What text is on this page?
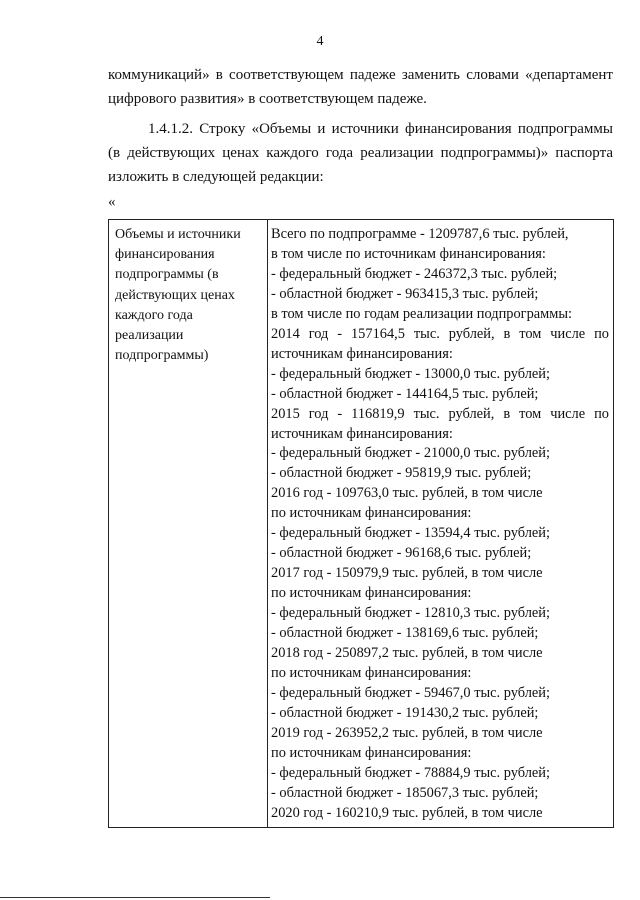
4
коммуникаций» в соответствующем падеже заменить словами «департамент
цифрового развития» в соответствующем падеже.
1.4.1.2. Строку «Объемы и источники финансирования подпрограммы
(в действующих ценах каждого года реализации подпрограммы)» паспорта
изложить в следующей редакции:
«
Объемы и источники
финансирования
подпрограммы (в
действующих ценах
каждого года
реализации
подпрограммы)
Всего по подпрограмме - 1209787,6 тыс. рублей,
в том числе по источникам финансирования:
- федеральный бюджет - 246372,3 тыс. рублей;
- областной бюджет - 963415,3 тыс. рублей;
в том числе по годам реализации подпрограммы:
2014 год - 157164,5 тыс. рублей, в том числе по
источникам финансирования:
- федеральный бюджет - 13000,0 тыс. рублей;
- областной бюджет - 144164,5 тыс. рублей;
2015 год - 116819,9 тыс. рублей, в том числе по
источникам финансирования:
- федеральный бюджет - 21000,0 тыс. рублей;
- областной бюджет - 95819,9 тыс. рублей;
2016 год - 109763,0 тыс. рублей, в том числе
по источникам финансирования:
- федеральный бюджет - 13594,4 тыс. рублей;
- областной бюджет - 96168,6 тыс. рублей;
2017 год - 150979,9 тыс. рублей, в том числе
по источникам финансирования:
- федеральный бюджет - 12810,3 тыс. рублей;
- областной бюджет - 138169,6 тыс. рублей;
2018 год - 250897,2 тыс. рублей, в том числе
по источникам финансирования:
- федеральный бюджет - 59467,0 тыс. рублей;
- областной бюджет - 191430,2 тыс. рублей;
2019 год - 263952,2 тыс. рублей, в том числе
по источникам финансирования:
- федеральный бюджет - 78884,9 тыс. рублей;
- областной бюджет - 185067,3 тыс. рублей;
2020 год - 160210,9 тыс. рублей, в том числе
